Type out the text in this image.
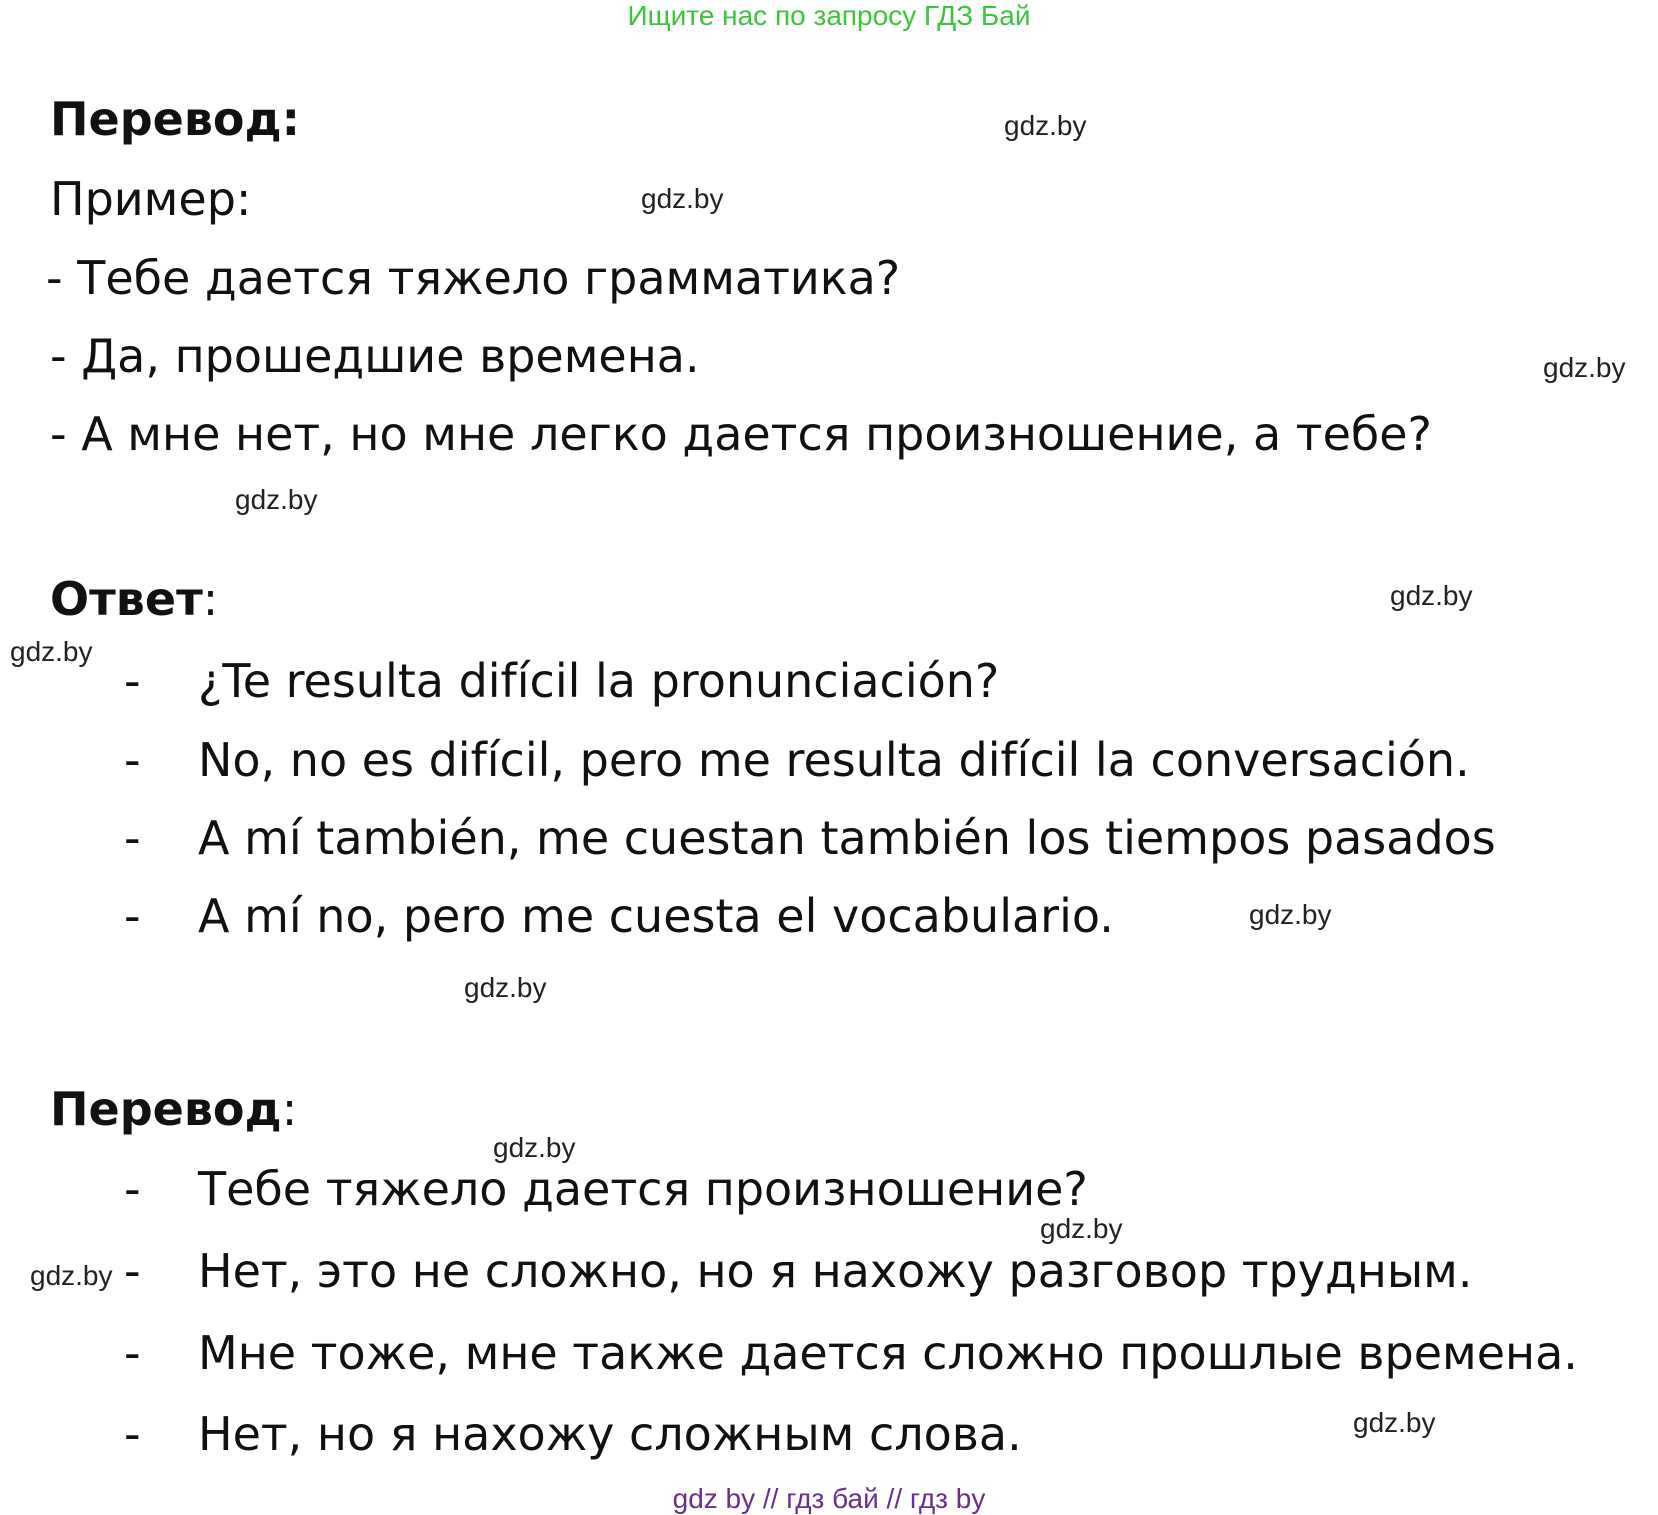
Ищите нас по запросу ГДЗ Бай
Перевод:
Пример:
- Тебе дается тяжело грамматика?
- Да, прошедшие времена.
- А мне нет, но мне легко дается произношение, а тебе?
Ответ:
- ¿Te resulta difícil la pronunciación?
- No, no es difícil, pero me resulta difícil la conversación.
- A mí también, me cuestan también los tiempos pasados
- A mí no, pero me cuesta el vocabulario.
Перевод:
- Тебе тяжело дается произношение?
- Нет, это не сложно, но я нахожу разговор трудным.
- Мне тоже, мне также дается сложно прошлые времена.
- Нет, но я нахожу сложным слова.
gdz.by
gdz.by
gdz.by
gdz.by
gdz.by
gdz.by
gdz.by
gdz.by
gdz.by
gdz.by
gdz.by
gdz.by
gdz by // гдз бай // гдз by
